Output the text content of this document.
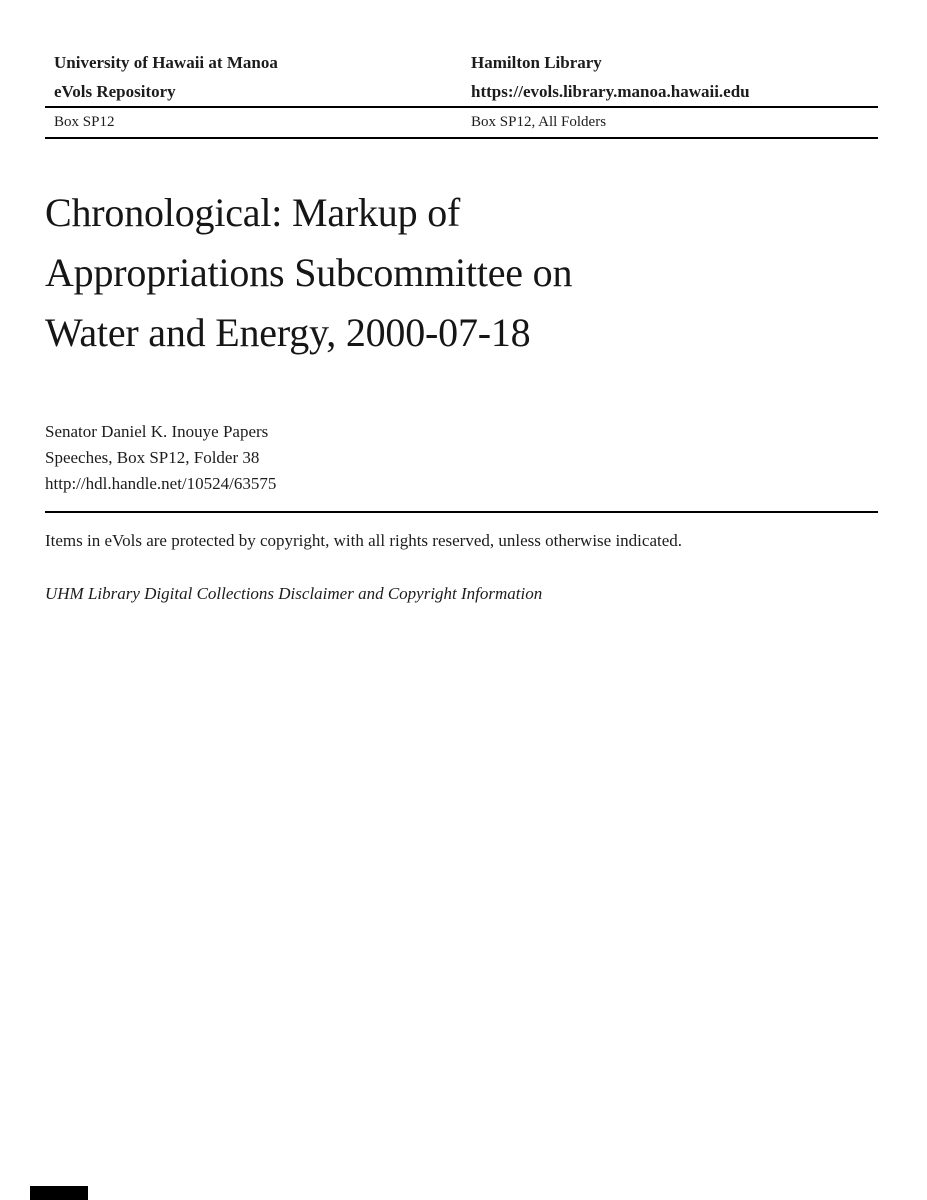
University of Hawaii at Manoa
eVols Repository
Hamilton Library
https://evols.library.manoa.hawaii.edu
Box SP12	Box SP12, All Folders
Chronological: Markup of
Appropriations Subcommittee on
Water and Energy, 2000-07-18
Senator Daniel K. Inouye Papers
Speeches, Box SP12, Folder 38
http://hdl.handle.net/10524/63575

Items in eVols are protected by copyright, with all rights reserved, unless otherwise indicated.

UHM Library Digital Collections Disclaimer and Copyright Information
